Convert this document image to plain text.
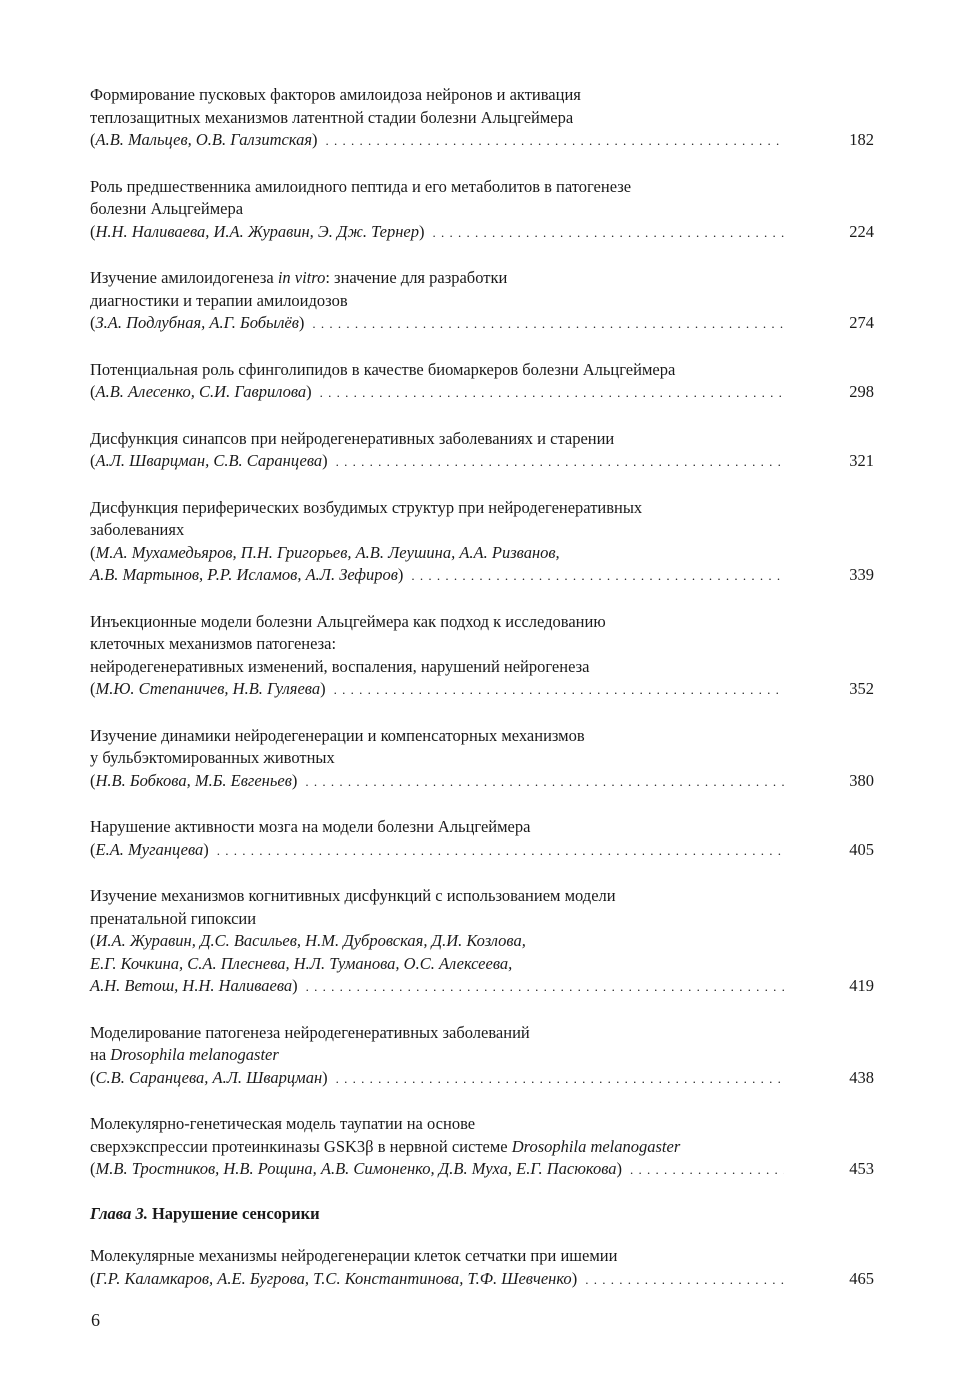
Формирование пусковых факторов амилоидоза нейронов и активация
теплозащитных механизмов латентной стадии болезни Альцгеймера
(А.В. Мальцев, О.В. Галзитская) . . .	182
Роль предшественника амилоидного пептида и его метаболитов в патогенезе
болезни Альцгеймера
(Н.Н. Наливаева, И.А. Журавин, Э. Дж. Тернер) . . .	224
Изучение амилоидогенеза in vitro: значение для разработки
диагностики и терапии амилоидозов
(З.А. Подлубная, А.Г. Бобылёв) . . .	274
Потенциальная роль сфинголипидов в качестве биомаркеров болезни Альцгеймера
(А.В. Алесенко, С.И. Гаврилова) . . .	298
Дисфункция синапсов при нейродегенеративных заболеваниях и старении
(А.Л. Шварцман, С.В. Саранцева) . . .	321
Дисфункция периферических возбудимых структур при нейродегенеративных
заболеваниях
(М.А. Мухамедьяров, П.Н. Григорьев, А.В. Леушина, А.А. Ризванов,
А.В. Мартынов, Р.Р. Исламов, А.Л. Зефиров) . . .	339
Инъекционные модели болезни Альцгеймера как подход к исследованию
клеточных механизмов патогенеза:
нейродегенеративных изменений, воспаления, нарушений нейрогенеза
(М.Ю. Степаничев, Н.В. Гуляева) . . .	352
Изучение динамики нейродегенерации и компенсаторных механизмов
у бульбэктомированных животных
(Н.В. Бобкова, М.Б. Евгеньев) . . .	380
Нарушение активности мозга на модели болезни Альцгеймера
(Е.А. Муганцева) . . .	405
Изучение механизмов когнитивных дисфункций с использованием модели
пренатальной гипоксии
(И.А. Журавин, Д.С. Васильев, Н.М. Дубровская, Д.И. Козлова,
Е.Г. Кочкина, С.А. Плеснева, Н.Л. Туманова, О.С. Алексеева,
А.Н. Ветош, Н.Н. Наливаева) . . .	419
Моделирование патогенеза нейродегенеративных заболеваний
на Drosophila melanogaster
(С.В. Саранцева, А.Л. Шварцман) . . .	438
Молекулярно-генетическая модель таупатии на основе
сверхэкспрессии протеинкиназы GSK3β в нервной системе Drosophila melanogaster
(М.В. Тростников, Н.В. Рощина, А.В. Симоненко, Д.В. Муха, Е.Г. Пасюкова) . . .	453
Глава 3. Нарушение сенсорики
Молекулярные механизмы нейродегенерации клеток сетчатки при ишемии
(Г.Р. Каламкаров, А.Е. Бугрова, Т.С. Константинова, Т.Ф. Шевченко) . . .	465
6
